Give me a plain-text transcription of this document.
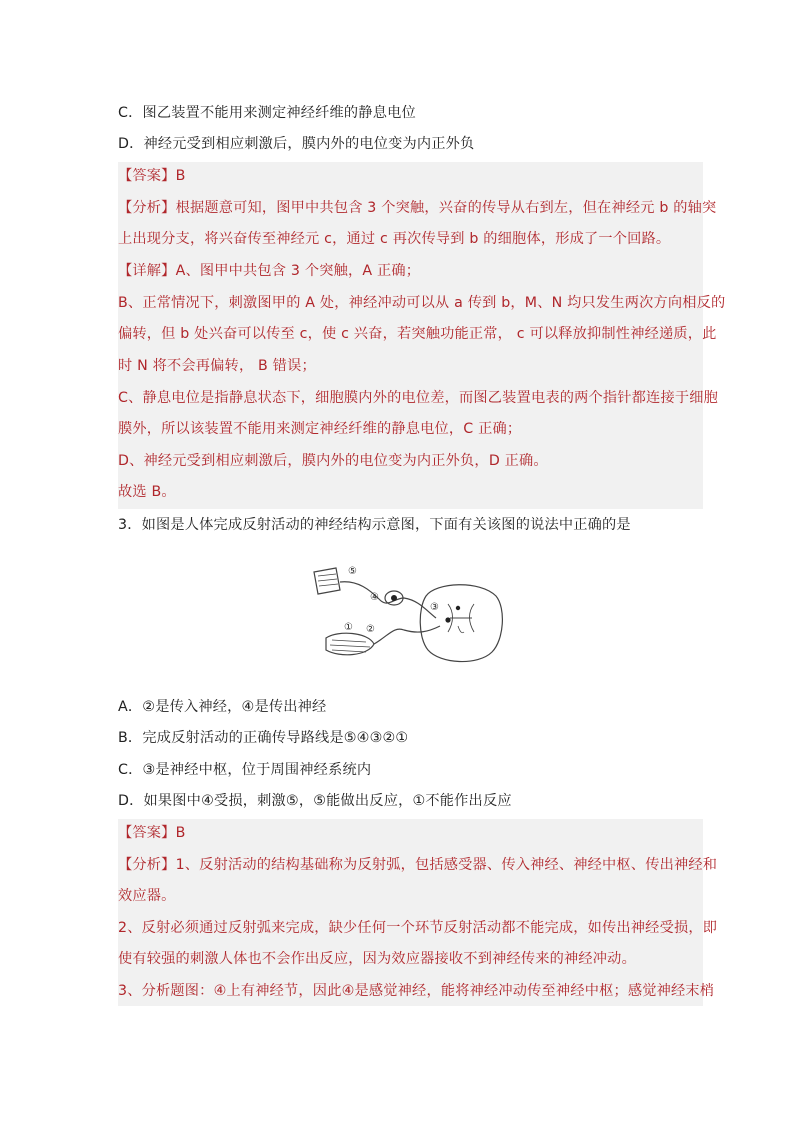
C．图乙装置不能用来测定神经纤维的静息电位
D．神经元受到相应刺激后，膜内外的电位变为内正外负
【答案】B
【分析】根据题意可知，图甲中共包含 3 个突触，兴奋的传导从右到左，但在神经元 b 的轴突
上出现分支，将兴奋传至神经元 c，通过 c 再次传导到 b 的细胞体，形成了一个回路。
【详解】A、图甲中共包含 3 个突触，A 正确；
B、正常情况下，刺激图甲的 A 处，神经冲动可以从 a 传到 b，M、N 均只发生两次方向相反的
偏转，但 b 处兴奋可以传至 c，使 c 兴奋，若突触功能正常， c 可以释放抑制性神经递质，此
时 N 将不会再偏转， B 错误；
C、静息电位是指静息状态下，细胞膜内外的电位差，而图乙装置电表的两个指针都连接于细胞
膜外，所以该装置不能用来测定神经纤维的静息电位，C 正确；
D、神经元受到相应刺激后，膜内外的电位变为内正外负，D 正确。
故选 B。
3．如图是人体完成反射活动的神经结构示意图，下面有关该图的说法中正确的是
① ②
③
④
⑤
A．②是传入神经，④是传出神经
B．完成反射活动的正确传导路线是⑤④③②①
C．③是神经中枢，位于周围神经系统内
D．如果图中④受损，刺激⑤，⑤能做出反应，①不能作出反应
【答案】B
【分析】1、反射活动的结构基础称为反射弧，包括感受器、传入神经、神经中枢、传出神经和
效应器。
2、反射必须通过反射弧来完成，缺少任何一个环节反射活动都不能完成，如传出神经受损，即
使有较强的刺激人体也不会作出反应，因为效应器接收不到神经传来的神经冲动。
3、分析题图：④上有神经节，因此④是感觉神经，能将神经冲动传至神经中枢；感觉神经末梢
